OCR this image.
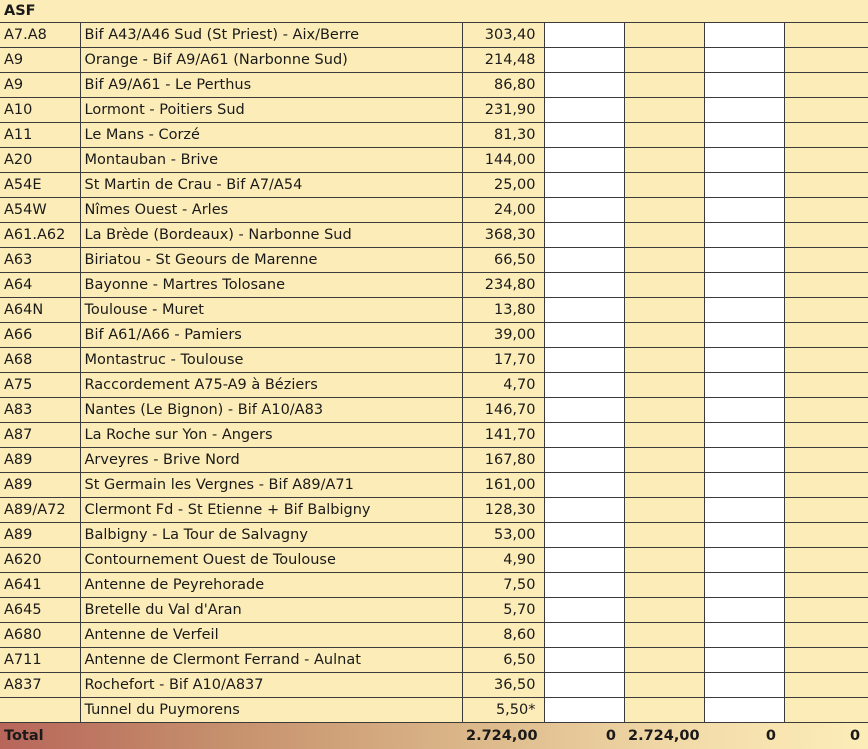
ASF						
A7.A8	Bif A43/A46 Sud (St Priest) - Aix/Berre	303,40				
A9	Orange - Bif A9/A61 (Narbonne Sud)	214,48				
A9	Bif A9/A61 - Le Perthus	86,80				
A10	Lormont - Poitiers Sud	231,90				
A11	Le Mans - Corzé	81,30				
A20	Montauban - Brive	144,00				
A54E	St Martin de Crau - Bif A7/A54	25,00				
A54W	Nîmes Ouest - Arles	24,00				
A61.A62	La Brède (Bordeaux) - Narbonne Sud	368,30				
A63	Biriatou - St Geours de Marenne	66,50				
A64	Bayonne - Martres Tolosane	234,80				
A64N	Toulouse - Muret	13,80				
A66	Bif A61/A66 - Pamiers	39,00				
A68	Montastruc - Toulouse	17,70				
A75	Raccordement A75-A9 à Béziers	4,70				
A83	Nantes (Le Bignon) - Bif A10/A83	146,70				
A87	La Roche sur Yon - Angers	141,70				
A89	Arveyres - Brive Nord	167,80				
A89	St Germain les Vergnes - Bif A89/A71	161,00				
A89/A72	Clermont Fd - St Etienne + Bif Balbigny	128,30				
A89	Balbigny - La Tour de Salvagny	53,00				
A620	Contournement Ouest de Toulouse	4,90				
A641	Antenne de Peyrehorade	7,50				
A645	Bretelle du Val d'Aran	5,70				
A680	Antenne de Verfeil	8,60				
A711	Antenne de Clermont Ferrand - Aulnat	6,50				
A837	Rochefort - Bif A10/A837	36,50				
	Tunnel du Puymorens	5,50*				
Total		2.724,00	0	2.724,00	0	0
